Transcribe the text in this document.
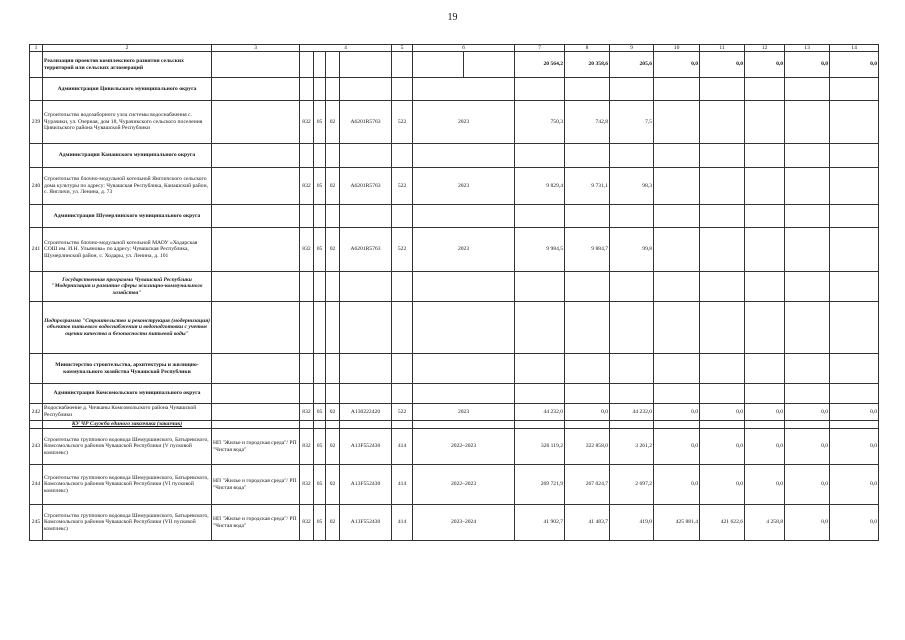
19
1	2	3	4				5	6		7	8	9	10	11	12	13	14	
	Реализация проектов комплексного развития сельских территорий или сельских агломераций									20 564,2	20 358,6	205,6	0,0	0,0	0,0	0,0	0,0	
	Администрация Цивильского муниципального округа																	
239	Строительство водозаборного узла системы водоснабжения с. Чурачики, ул. Озерная, дом 18, Чурачикского сельского поселения Цивильского района Чувашской Республики		832	05	02	A6201R5763	522	2023		750,3	742,8	7,5						
	Администрация Канашского муниципального округа																	
240	Строительство блочно-модульной котельной Янгличского сельского дома культуры по адресу: Чувашская Республика, Канашский район, с. Янгличи, ул. Ленина, д. 73		832	05	02	A6201R5763	522	2023		9 829,4	9 731,1	98,3						
	Администрация Шумерлинского муниципального округа																	
241	Строительство блочно-модульной котельной МАОУ «Ходарская СОШ им. И.Н. Ульянова» по адресу: Чувашская Республика, Шумерлинский район, с. Ходары, ул. Ленина, д. 101		832	05	02	A6201R5763	522	2023		9 984,5	9 884,7	99,8						
	Государственная программа Чувашской Республики "Модернизация и развитие сферы жилищно-коммунального хозяйства"																	
	Подпрограмма "Строительство и реконструкция (модернизация) объектов питьевого водоснабжения и водоподготовки с учетом оценки качества и безопасности питьевой воды"																	
	Министерство строительства, архитектуры и жилищно-коммунального хозяйства Чувашской Республики																	
	Администрация Комсомольского муниципального округа																	
242	Водоснабжение д. Чичканы Комсомольского района Чувашской Республики		832	05	02	A130222420	522	2023		44 232,0	0,0	44 232,0	0,0	0,0	0,0	0,0	0,0	
	КУ ЧР Служба единого заказчика (заказчик)																	
243	Строительство группового водовода Шемуршинского, Батыревского, Комсомольского районов Чувашской Республики (V пусковой комплекс)	НП "Жилье и городская среда"/ РП "Чистая вода"	832	05	02	A13F552430	414	2022–2023		326 119,2	322 858,0	3 261,2	0,0	0,0	0,0	0,0	0,0	
244	Строительство группового водовода Шемуршинского, Батыревского, Комсомольского районов Чувашской Республики (VI пусковой комплекс)	НП "Жилье и городская среда"/ РП "Чистая вода"	832	05	02	A13F552430	414	2022–2023		269 721,9	267 024,7	2 697,2	0,0	0,0	0,0	0,0	0,0	
245	Строительство группового водовода Шемуршинского, Батыревского, Комсомольского районов Чувашской Республики (VII пусковой комплекс)	НП "Жилье и городская среда"/ РП "Чистая вода"	832	05	02	A13F552430	414	2023–2024		41 902,7	41 483,7	419,0	425 881,4	421 622,6	4 258,8	0,0	0,0	
